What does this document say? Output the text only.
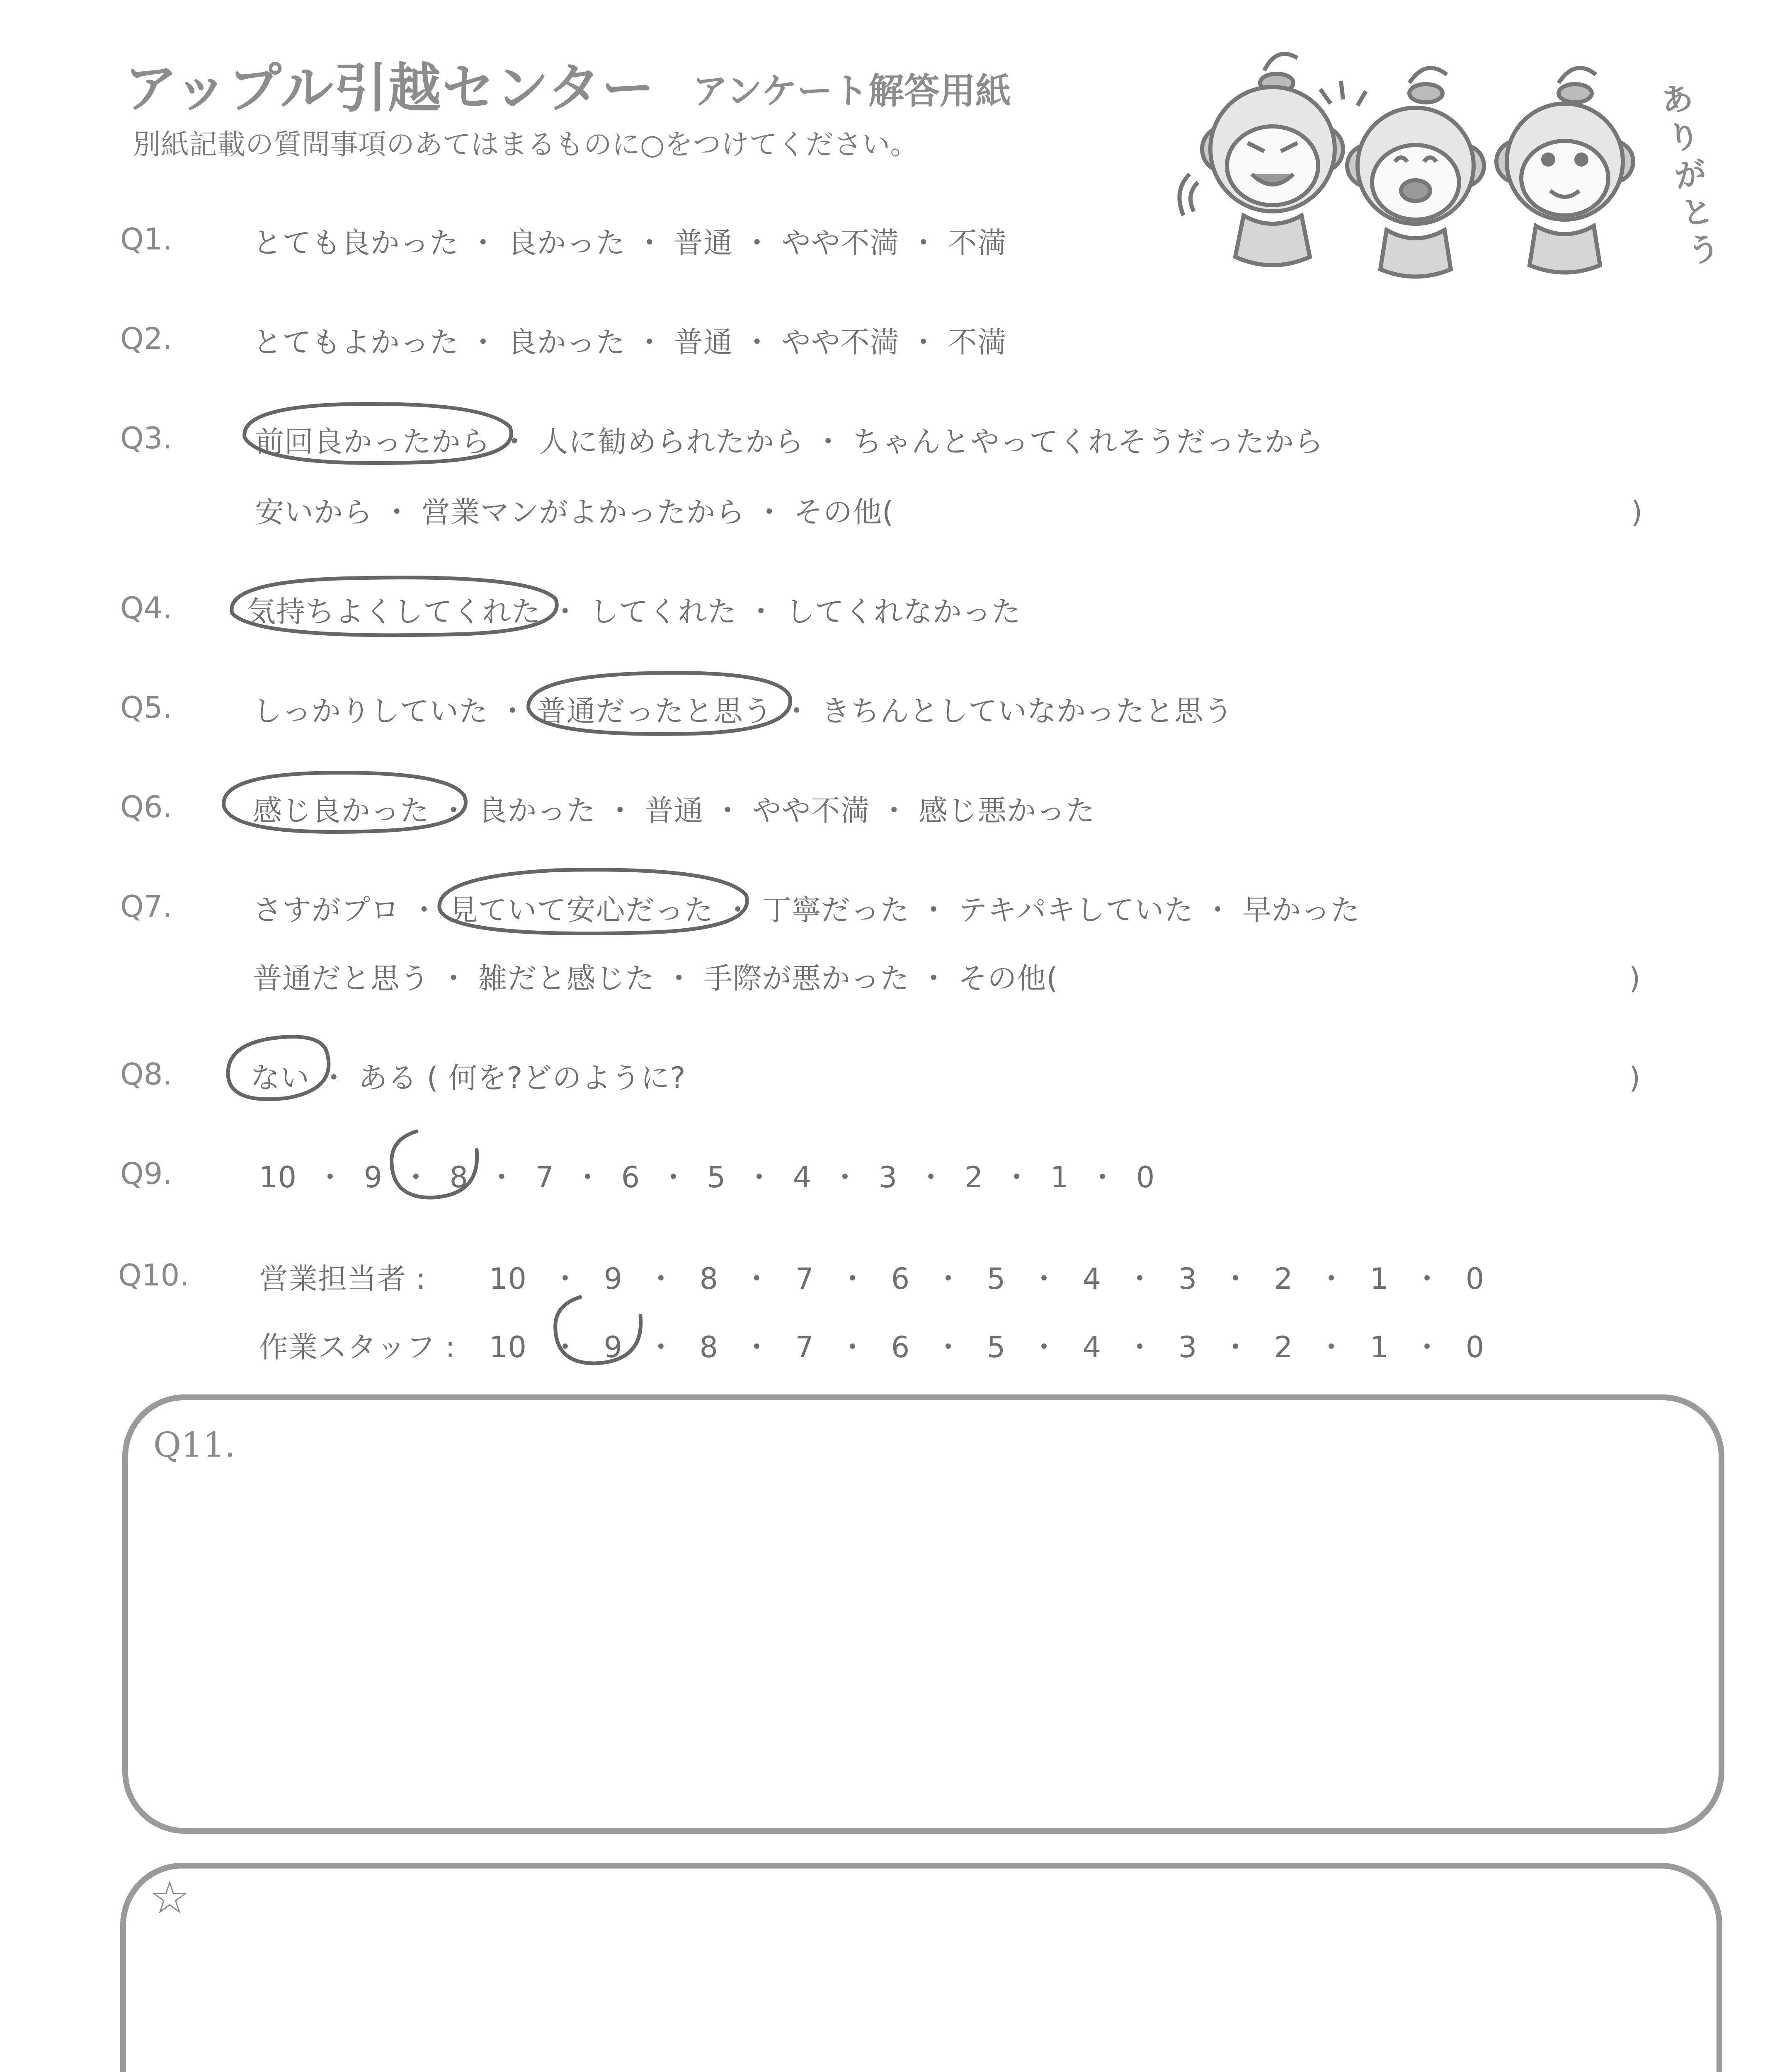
アップル引越センター アンケート解答用紙
別紙記載の質問事項のあてはまるものに○をつけてください。
ありがとう
Q1.	とても良かった ・ 良かった ・ 普通 ・ やや不満 ・ 不満
Q2.	とてもよかった ・ 良かった ・ 普通 ・ やや不満 ・ 不満
Q3.	前回良かったから ・ 人に勧められたから ・ ちゃんとやってくれそうだったから
安いから ・ 営業マンがよかったから ・ その他(	)
Q4.	気持ちよくしてくれた ・ してくれた ・ してくれなかった
Q5.	しっかりしていた ・ 普通だったと思う ・ きちんとしていなかったと思う
Q6.	感じ良かった ・ 良かった ・ 普通 ・ やや不満 ・ 感じ悪かった
Q7.	さすがプロ ・ 見ていて安心だった ・ 丁寧だった ・ テキパキしていた ・ 早かった
普通だと思う ・ 雑だと感じた ・ 手際が悪かった ・ その他(	)
Q8.	ない ・ ある ( 何を?どのように?	)
Q9.	10 ・ 9 ・ 8 ・ 7 ・ 6 ・ 5 ・ 4 ・ 3 ・ 2 ・ 1 ・ 0
Q10. 営業担当者 : 10 ・ 9 ・ 8 ・ 7 ・ 6 ・ 5 ・ 4 ・ 3 ・ 2 ・ 1 ・ 0
作業スタッフ : 10 ・ 9 ・ 8 ・ 7 ・ 6 ・ 5 ・ 4 ・ 3 ・ 2 ・ 1 ・ 0
Q11.
☆
